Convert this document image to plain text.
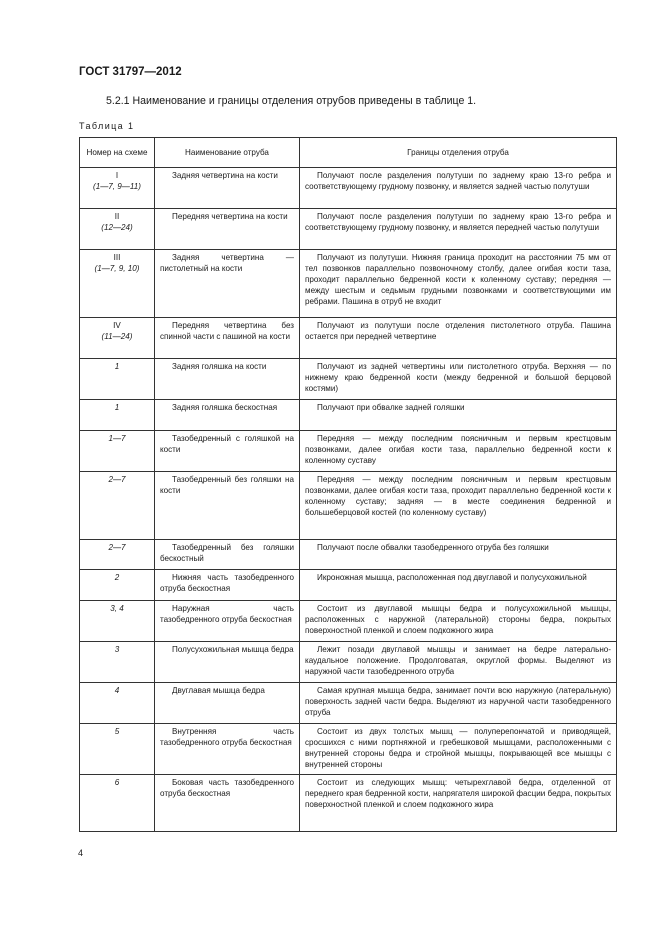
ГОСТ 31797—2012
5.2.1 Наименование и границы отделения отрубов приведены в таблице 1.
Таблица 1
Номер на схеме	Наименование отруба	Границы отделения отруба

I
(1—7, 9—11)	Задняя четвертина на кости	Получают после разделения полутуши по заднему краю 13-го ребра и соответствующему грудному позвонку, и является задней частью полутуши

II
(12—24)	Передняя четвертина на кости	Получают после разделения полутуши по заднему краю 13-го ребра и соответствующему грудному позвонку, и является передней частью полутуши

III
(1—7, 9, 10)	Задняя четвертина — пистолетный на кости	Получают из полутуши. Нижняя граница проходит на расстоянии 75 мм от тел позвонков параллельно позвоночному столбу, далее огибая кости таза, проходит параллельно бедренной кости к коленному суставу; передняя — между шестым и седьмым грудными позвонками и соответствующими им ребрами. Пашина в отруб не входит

IV
(11—24)	Передняя четвертина без спинной части с пашиной на кости	Получают из полутуши после отделения пистолетного отруба. Пашина остается при передней четвертине

1	Задняя голяшка на кости	Получают из задней четвертины или пистолетного отруба. Верхняя — по нижнему краю бедренной кости (между бедренной и большой берцовой костями)

1	Задняя голяшка бескостная	Получают при обвалке задней голяшки

1—7	Тазобедренный с голяшкой на кости	Передняя — между последним поясничным и первым крестцовым позвонками, далее огибая кости таза, параллельно бедренной кости к коленному суставу

2—7	Тазобедренный без голяшки на кости	Передняя — между последним поясничным и первым крестцовым позвонками, далее огибая кости таза, проходит параллельно бедренной кости к коленному суставу; задняя — в месте соединения бедренной и большеберцовой костей (по коленному суставу)

2—7	Тазобедренный без голяшки бескостный	Получают после обвалки тазобедренного отруба без голяшки

2	Нижняя часть тазобедренного отруба бескостная	Икроножная мышца, расположенная под двуглавой и полусухожильной

3, 4	Наружная часть тазобедренного отруба бескостная	Состоит из двуглавой мышцы бедра и полусухожильной мышцы, расположенных с наружной (латеральной) стороны бедра, покрытых поверхностной пленкой и слоем подкожного жира

3	Полусухожильная мышца бедра	Лежит позади двуглавой мышцы и занимает на бедре латерально-каудальное положение. Продолговатая, округлой формы. Выделяют из наружной части тазобедренного отруба

4	Двуглавая мышца бедра	Самая крупная мышца бедра, занимает почти всю наружную (латеральную) поверхность задней части бедра. Выделяют из наручной части тазобедренного отруба

5	Внутренняя часть тазобедренного отруба бескостная	Состоит из двух толстых мышц — полуперепончатой и приводящей, сросшихся с ними портняжной и гребешковой мышцами, расположенными с внутренней стороны бедра и стройной мышцы, покрывающей все мышцы с внутренней стороны

6	Боковая часть тазобедренного отруба бескостная	Состоит из следующих мышц: четырехглавой бедра, отделенной от переднего края бедренной кости, напрягателя широкой фасции бедра, покрытых поверхностной пленкой и слоем подкожного жира
4
